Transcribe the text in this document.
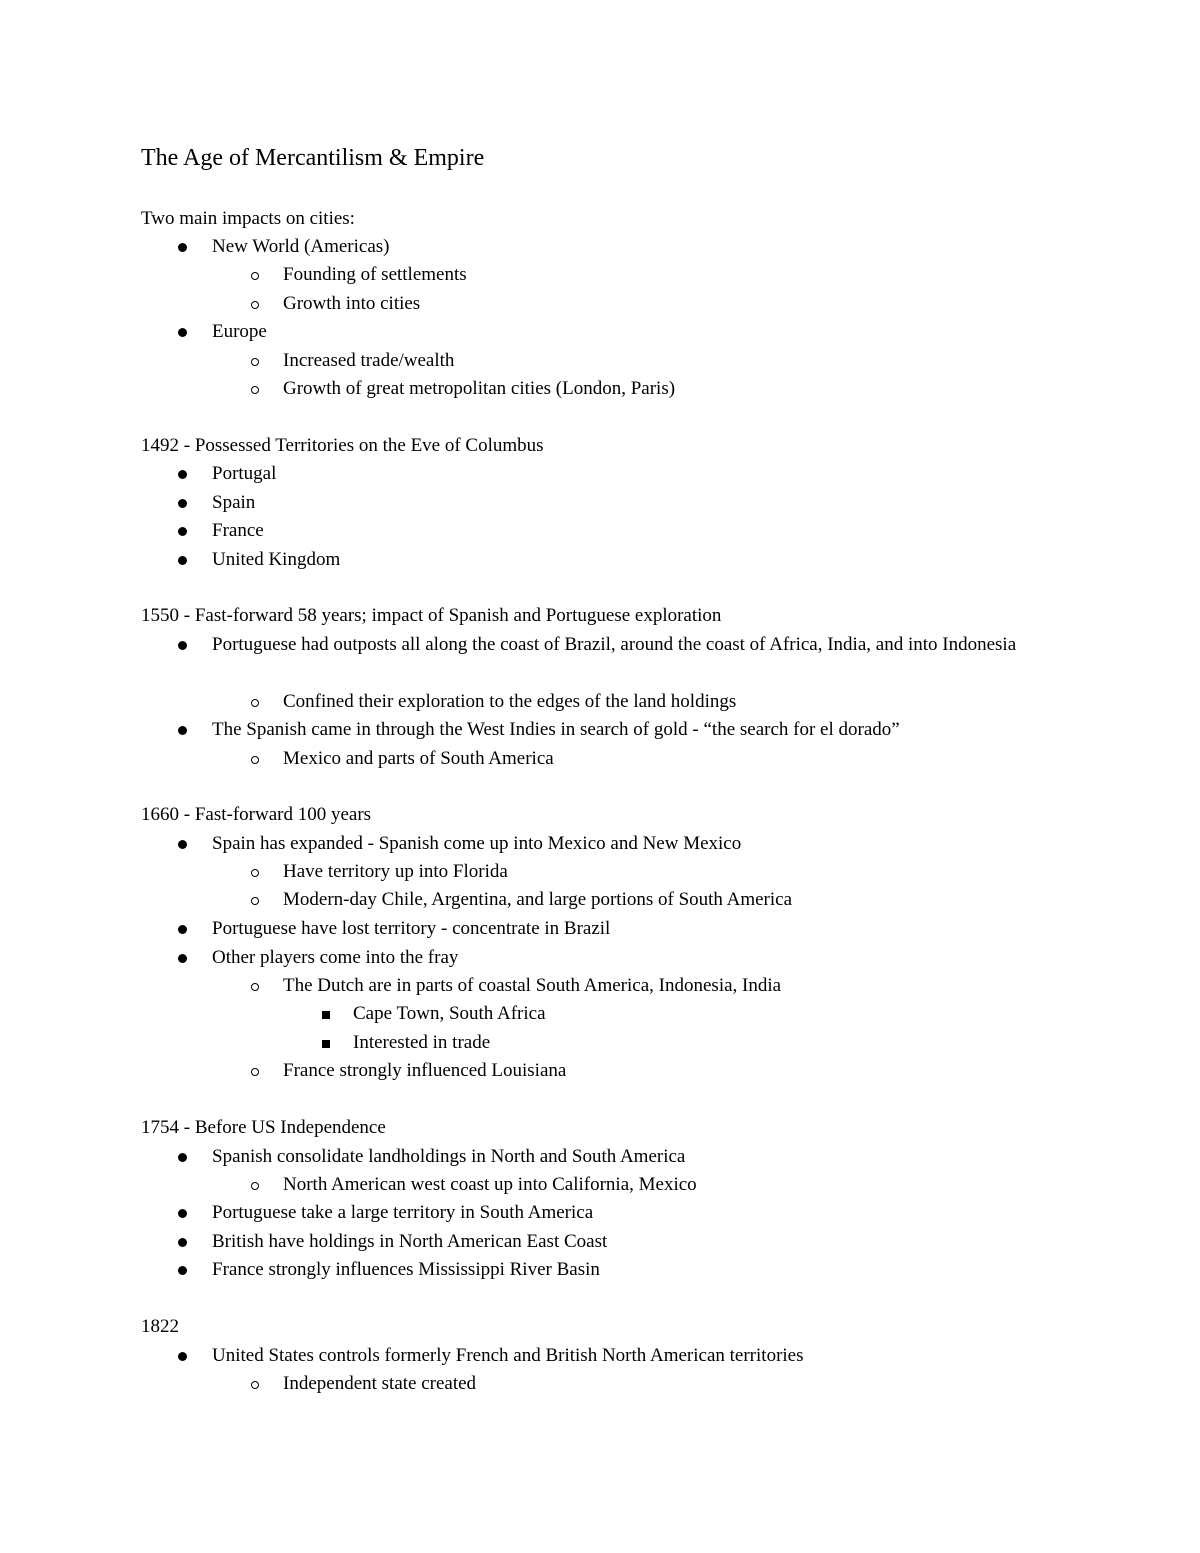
The Age of Mercantilism & Empire
Two main impacts on cities:
New World (Americas)
Founding of settlements
Growth into cities
Europe
Increased trade/wealth
Growth of great metropolitan cities (London, Paris)
1492 - Possessed Territories on the Eve of Columbus
Portugal
Spain
France
United Kingdom
1550 - Fast-forward 58 years; impact of Spanish and Portuguese exploration
Portuguese had outposts all along the coast of Brazil, around the coast of Africa, India, and into Indonesia
Confined their exploration to the edges of the land holdings
The Spanish came in through the West Indies in search of gold - “the search for el dorado”
Mexico and parts of South America
1660 - Fast-forward 100 years
Spain has expanded - Spanish come up into Mexico and New Mexico
Have territory up into Florida
Modern-day Chile, Argentina, and large portions of South America
Portuguese have lost territory - concentrate in Brazil
Other players come into the fray
The Dutch are in parts of coastal South America, Indonesia, India
Cape Town, South Africa
Interested in trade
France strongly influenced Louisiana
1754 - Before US Independence
Spanish consolidate landholdings in North and South America
North American west coast up into California, Mexico
Portuguese take a large territory in South America
British have holdings in North American East Coast
France strongly influences Mississippi River Basin
1822
United States controls formerly French and British North American territories
Independent state created
